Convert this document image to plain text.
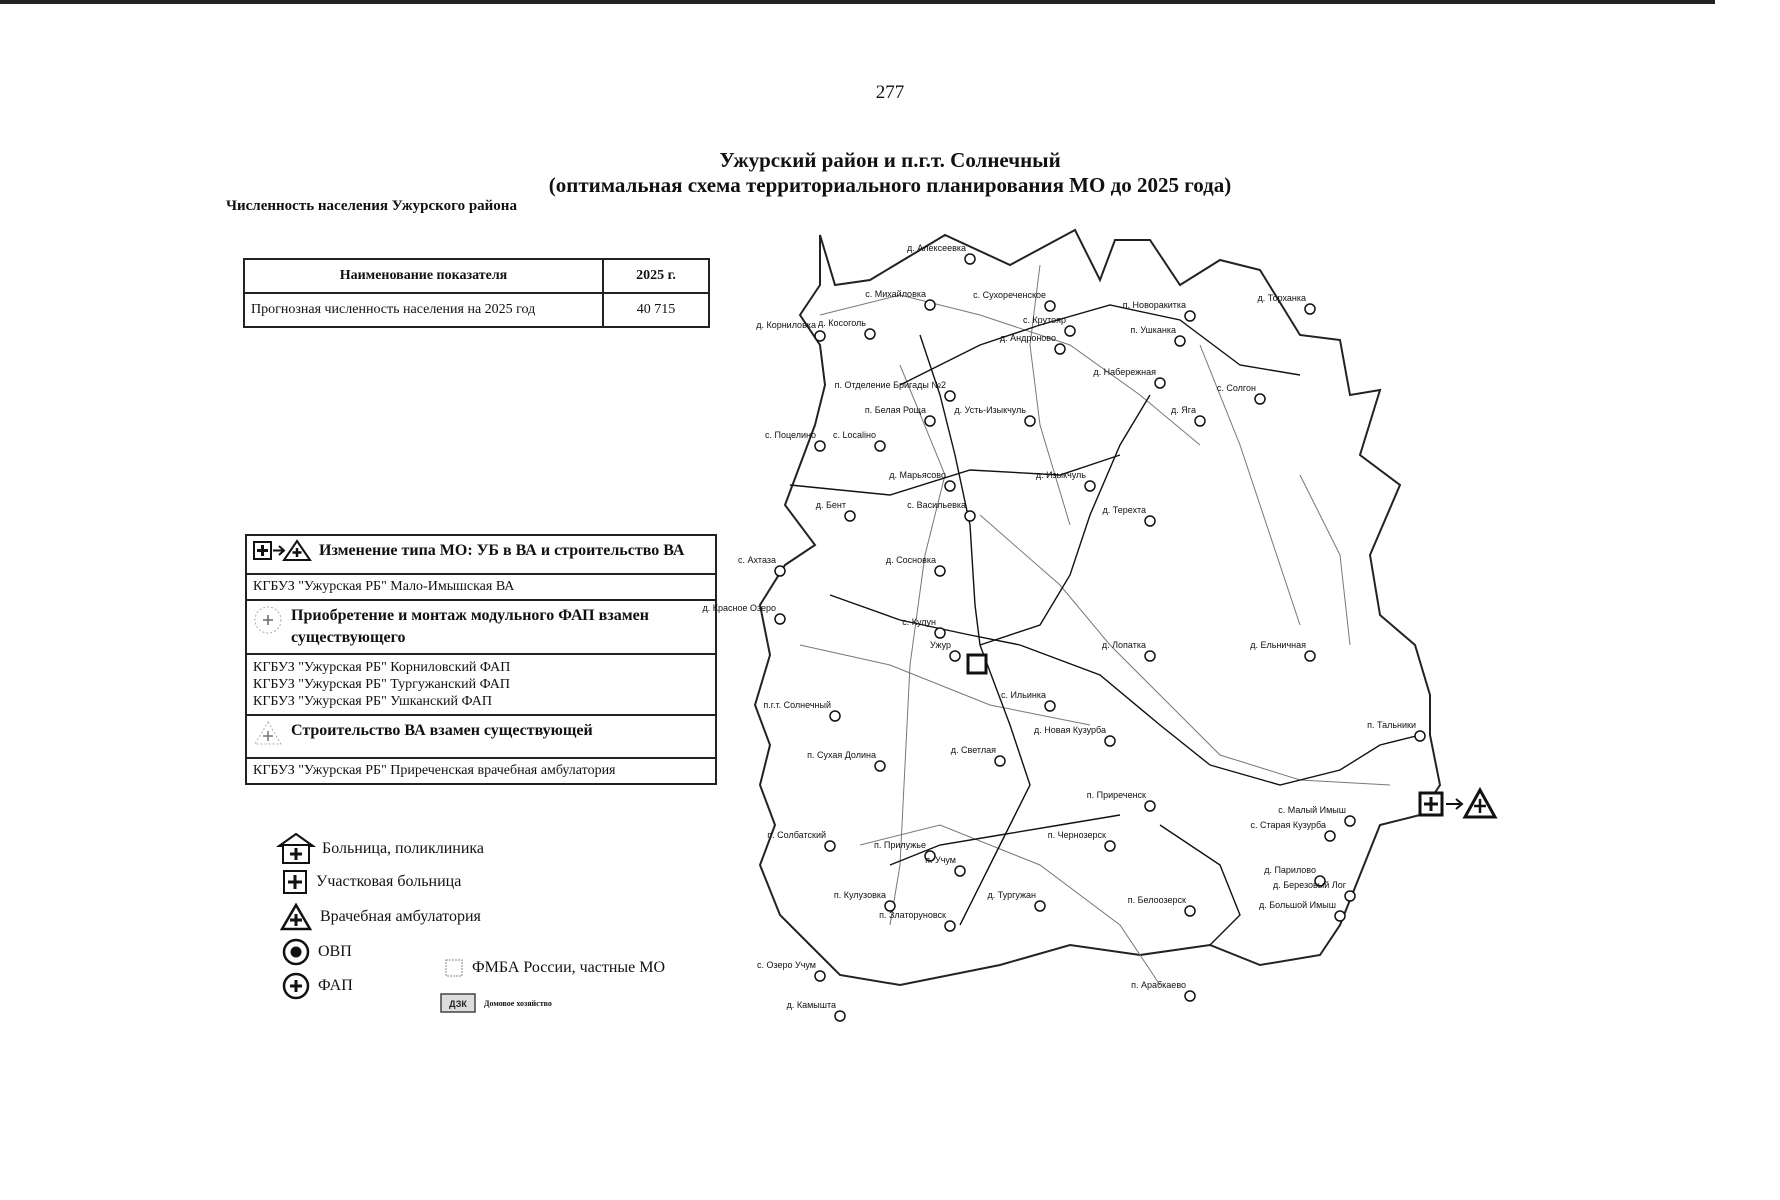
277
Ужурский район и п.г.т. Солнечный
(оптимальная схема территориального планирования МО до 2025 года)
Численность населения Ужурского района
Наименование показателя	2025 г.
Прогнозная численность населения на 2025 год	40 715
Изменение типа МО: УБ в ВА и строительство ВА
КГБУЗ "Ужурская РБ" Мало-Имышская ВА
Приобретение и монтаж модульного ФАП взамен существующего
КГБУЗ "Ужурская РБ" Корниловский ФАП
КГБУЗ "Ужурская РБ" Тургужанский ФАП
КГБУЗ "Ужурская РБ" Ушканский ФАП
Строительство ВА взамен существующей
КГБУЗ "Ужурская РБ" Приреченская врачебная амбулатория
Больница, поликлиника
Участковая больница
Врачебная амбулатория
ОВП
ФАП
ФМБА России, частные МО
ДЗК Домовое хозяйство
д. Алексеевка
с. Михайловка	с. Сухореченское
п. Новоракитка
д. Торханка
д. Корниловка д. Косоголь	с. Крутояр
п. Ушканка
д. Андроново
д. Набережная
с. Солгон
п. Отделение Бригады №2
п. Белая Роща	д. Усть-Изыкчуль	д. Ягa
с. Localiно
с. Поцелино
д. Марьясово	д. Изыкчуль
д. Бент	с. Васильевка	д. Терехта
с. Ахтаза	д. Сосновка
д. Красное Озеро
с. Кулун
Ужур	д. Лопатка	д. Ельничная
с. Ильинка
п.г.т. Солнечный
д. Новая Кузурба	п. Тальники
п. Сухая Долина	д. Светлая
п. Приреченск
с. Малый Имыш
с. Старая Кузурба
п. Солбатский
п. Прилужье
п. Чернозерск
п. Учум
д. Парилово
д. Березовый Лог
п. Кулузовка	д. Тургужан	п. Белоозерск	д. Большой Имыш
п. Златоруновск
с. Озеро Учум
п. Арабкаево
д. Камышта
